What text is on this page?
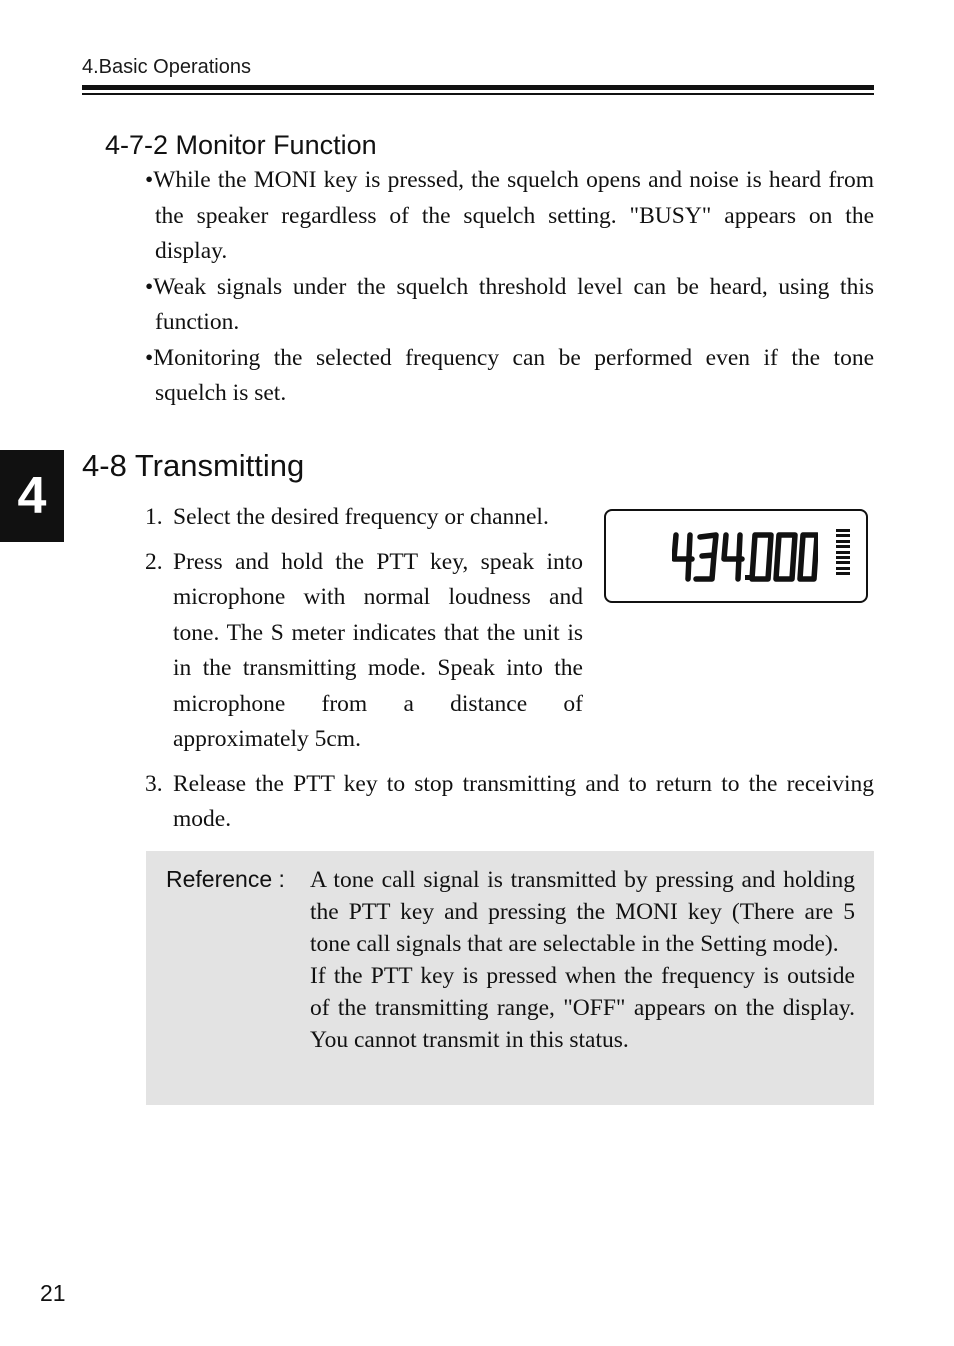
4.Basic Operations
4-7-2 Monitor Function
•While the MONI key is pressed, the squelch opens and noise is heard from the speaker regardless of the squelch setting. "BUSY" appears on the display.
•Weak signals under the squelch threshold level can be heard, using this function.
•Monitoring the selected frequency can be performed even if the tone squelch is set.
4
4-8 Transmitting
1. Select the desired frequency or channel.
2. Press and hold the PTT key, speak into microphone with normal loudness and tone. The S meter indicates that the unit is in the transmitting mode. Speak into the microphone from a distance of approximately 5cm.
3. Release the PTT key to stop transmitting and to return to the receiving mode.
Reference : A tone call signal is transmitted by pressing and holding the PTT key and pressing the MONI key (There are 5 tone call signals that are selectable in the Setting mode).
If the PTT key is pressed when the frequency is outside of the transmitting range, "OFF" appears on the display. You cannot transmit in this status.
21
